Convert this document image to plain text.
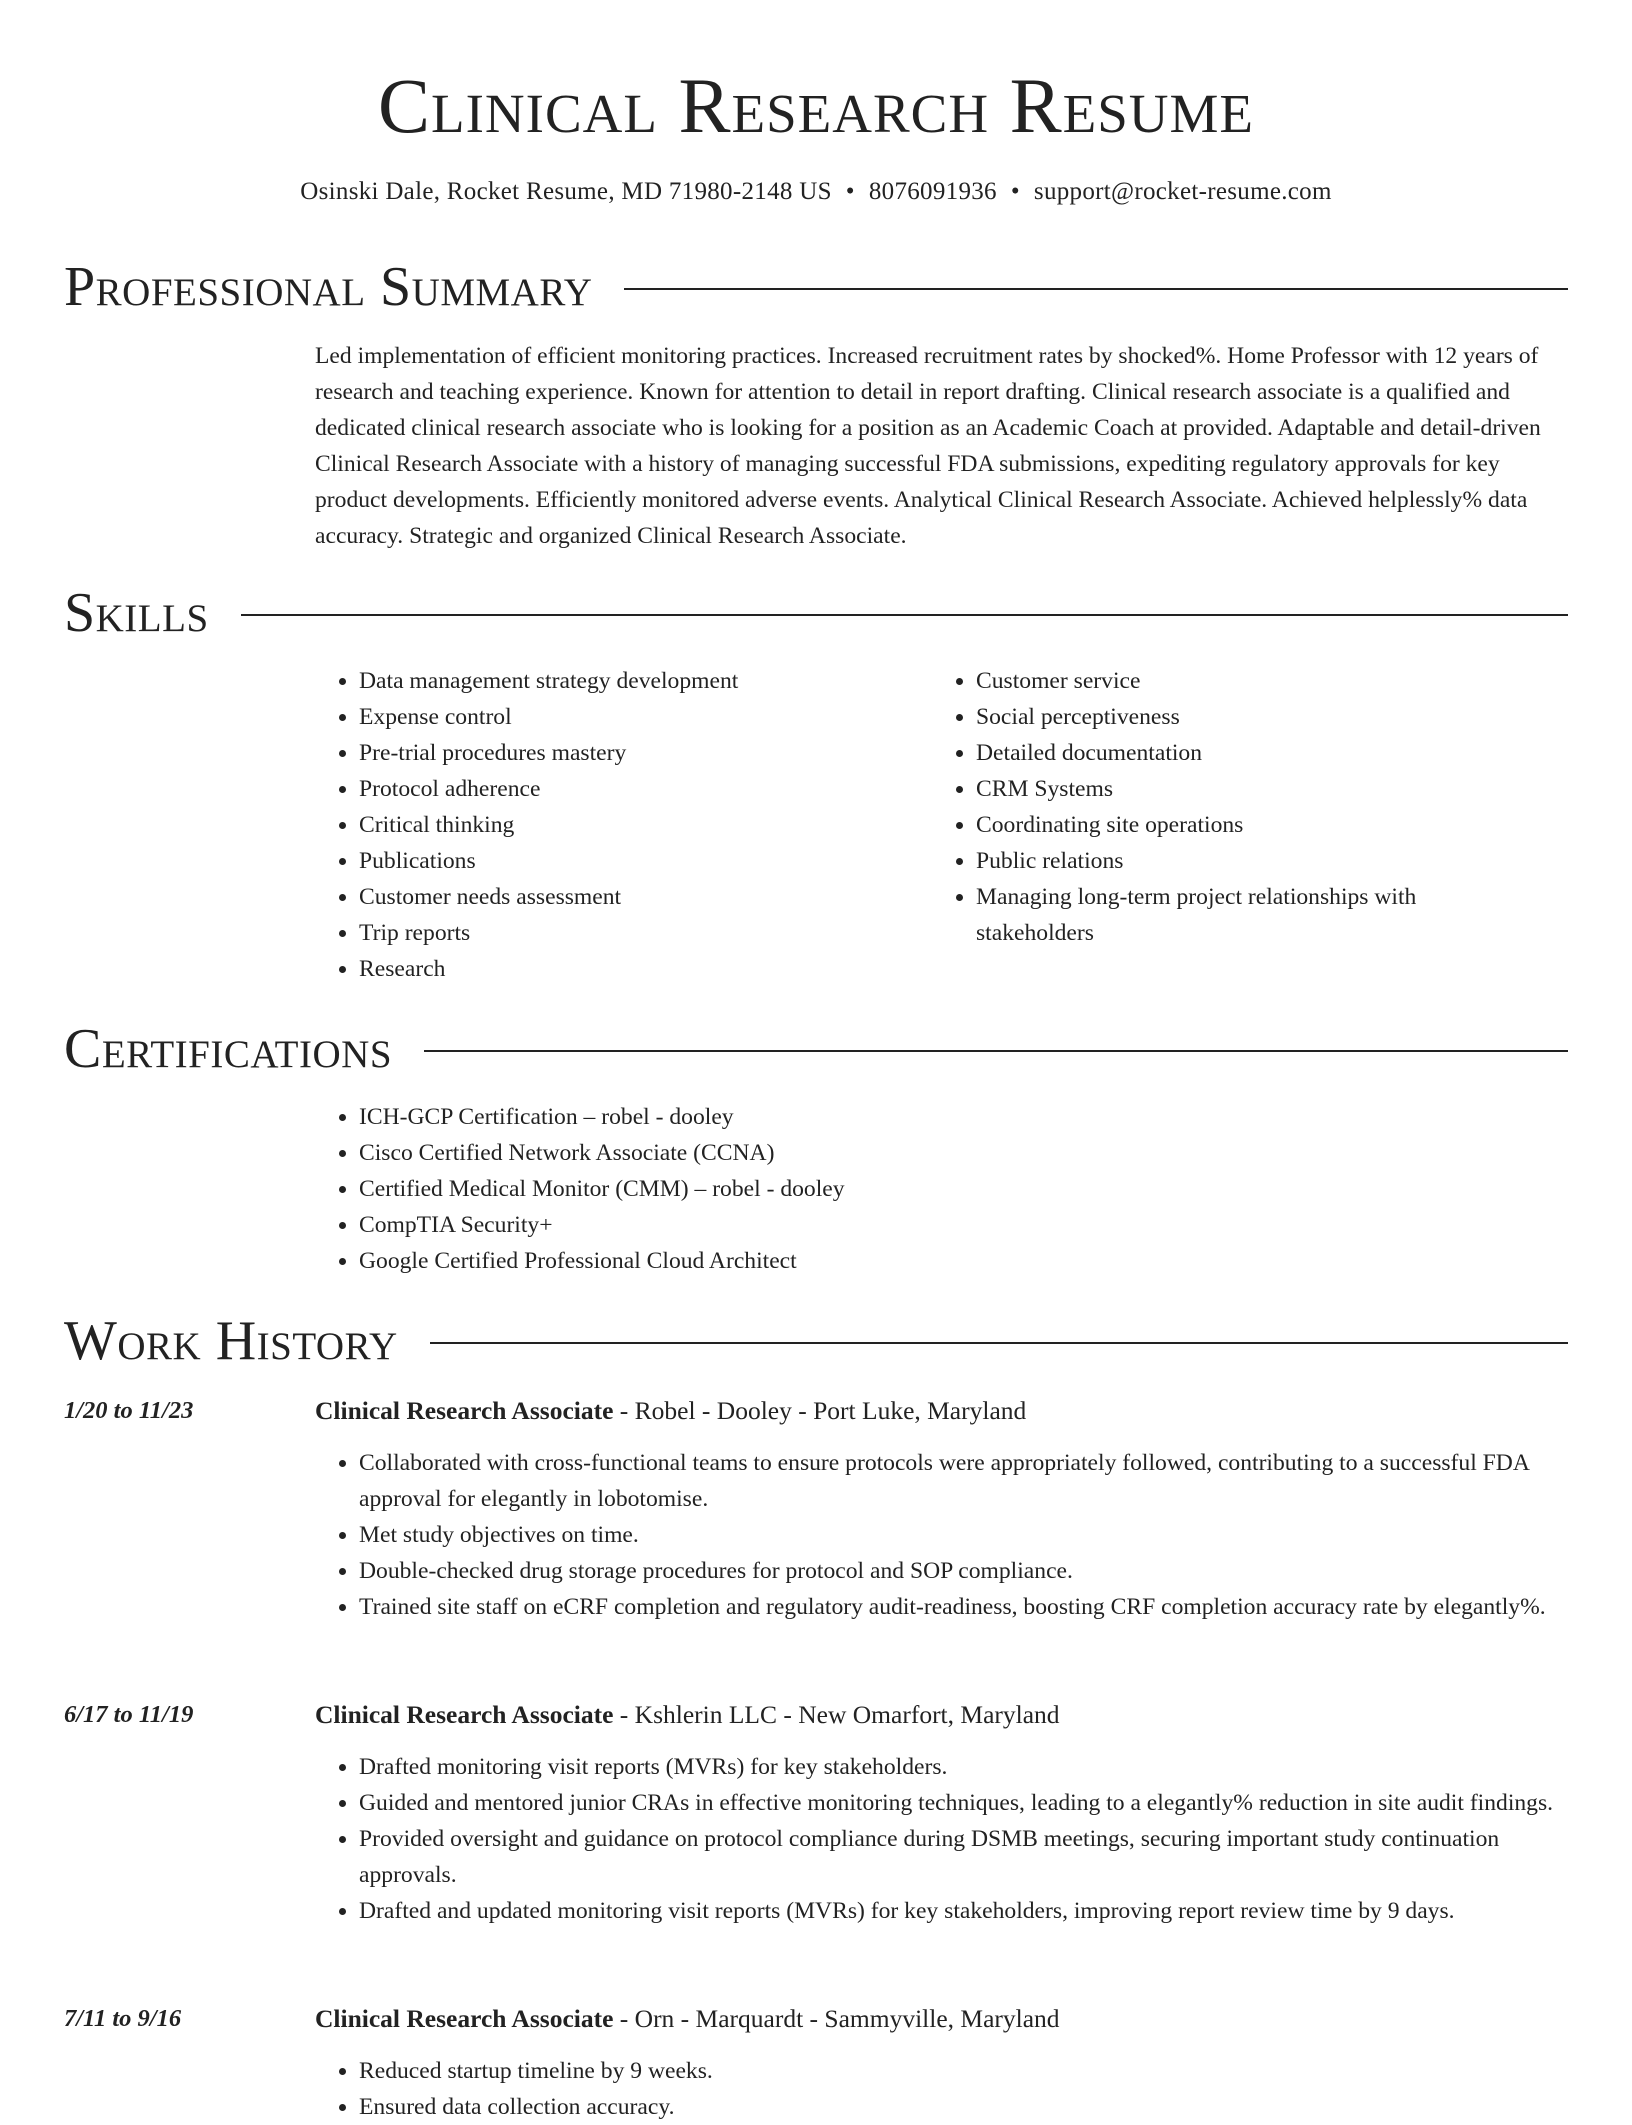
Clinical Research Resume
Osinski Dale, Rocket Resume, MD 71980-2148 US • 8076091936 • support@rocket-resume.com
Professional Summary

Led implementation of efficient monitoring practices. Increased recruitment rates by shocked%. Home Professor with 12 years of research and teaching experience. Known for attention to detail in report drafting. Clinical research associate is a qualified and dedicated clinical research associate who is looking for a position as an Academic Coach at provided. Adaptable and detail-driven Clinical Research Associate with a history of managing successful FDA submissions, expediting regulatory approvals for key product developments. Efficiently monitored adverse events. Analytical Clinical Research Associate. Achieved helplessly% data accuracy. Strategic and organized Clinical Research Associate.

Skills
• Data management strategy development
• Expense control
• Pre-trial procedures mastery
• Protocol adherence
• Critical thinking
• Publications
• Customer needs assessment
• Trip reports
• Research
• Customer service
• Social perceptiveness
• Detailed documentation
• CRM Systems
• Coordinating site operations
• Public relations
• Managing long-term project relationships with stakeholders
Certifications
• ICH-GCP Certification – robel - dooley
• Cisco Certified Network Associate (CCNA)
• Certified Medical Monitor (CMM) – robel - dooley
• CompTIA Security+
• Google Certified Professional Cloud Architect
Work History
1/20 to 11/23	Clinical Research Associate - Robel - Dooley - Port Luke, Maryland
• Collaborated with cross-functional teams to ensure protocols were appropriately followed, contributing to a successful FDA approval for elegantly in lobotomise.
• Met study objectives on time.
• Double-checked drug storage procedures for protocol and SOP compliance.
• Trained site staff on eCRF completion and regulatory audit-readiness, boosting CRF completion accuracy rate by elegantly%.
6/17 to 11/19	Clinical Research Associate - Kshlerin LLC - New Omarfort, Maryland
• Drafted monitoring visit reports (MVRs) for key stakeholders.
• Guided and mentored junior CRAs in effective monitoring techniques, leading to a elegantly% reduction in site audit findings.
• Provided oversight and guidance on protocol compliance during DSMB meetings, securing important study continuation approvals.
• Drafted and updated monitoring visit reports (MVRs) for key stakeholders, improving report review time by 9 days.
7/11 to 9/16	Clinical Research Associate - Orn - Marquardt - Sammyville, Maryland
• Reduced startup timeline by 9 weeks.
• Ensured data collection accuracy.
